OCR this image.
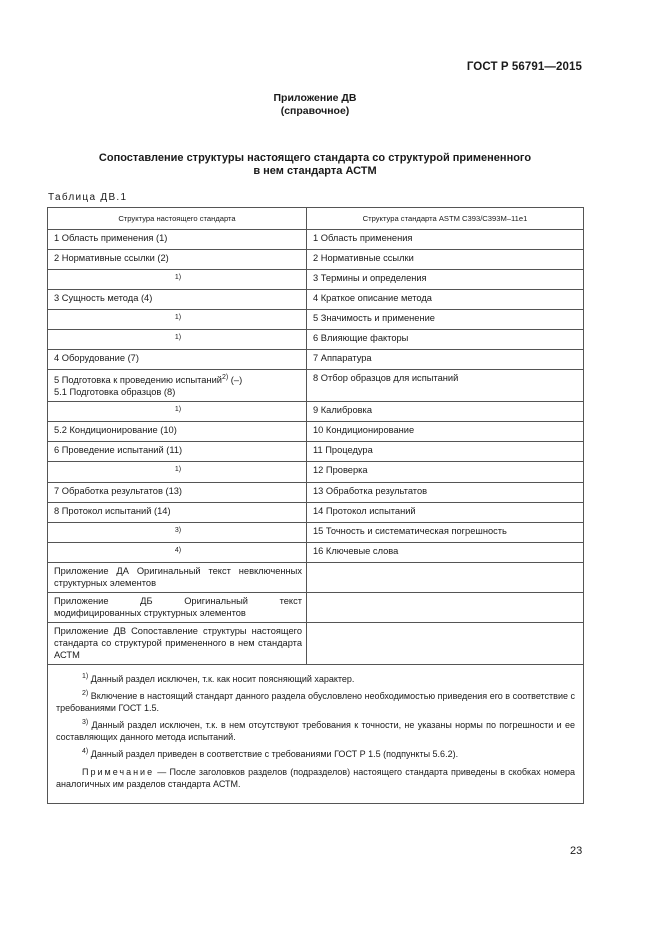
ГОСТ Р 56791—2015
Приложение ДВ
(справочное)
Сопоставление структуры настоящего стандарта со структурой примененного
в нем стандарта АСТМ
Таблица ДВ.1
Структура настоящего стандарта	Структура стандарта ASTM C393/C393M–11e1
1 Область применения (1)	1 Область применения
2 Нормативные ссылки (2)	2 Нормативные ссылки
$^{1)}$	3 Термины и определения
3 Сущность метода (4)	4 Краткое описание метода
$^{1)}$	5 Значимость и применение
$^{1)}$	6 Влияющие факторы
4 Оборудование (7)	7 Аппаратура
5 Подготовка к проведению испытаний$^{2)}$ (–)
5.1 Подготовка образцов (8)	8 Отбор образцов для испытаний
$^{1)}$	9 Калибровка
5.2 Кондиционирование (10)	10 Кондиционирование
6 Проведение испытаний (11)	11 Процедура
$^{1)}$	12 Проверка
7 Обработка результатов (13)	13 Обработка результатов
8 Протокол испытаний (14)	14 Протокол испытаний
$^{3)}$	15 Точность и систематическая погрешность
$^{4)}$	16 Ключевые слова
Приложение ДА Оригинальный текст невключенных структурных элементов	
Приложение ДБ Оригинальный текст модифицированных структурных элементов	
Приложение ДВ Сопоставление структуры настоящего стандарта со структурой примененного в нем стандарта АСТМ	

$^{1)}$ Данный раздел исключен, т.к. как носит поясняющий характер.

$^{2)}$ Включение в настоящий стандарт данного раздела обусловлено необходимостью приведения его в соответствие с требованиями ГОСТ 1.5.

$^{3)}$ Данный раздел исключен, т.к. в нем отсутствуют требования к точности, не указаны нормы по погрешности и ее составляющих данного метода испытаний.

$^{4)}$ Данный раздел приведен в соответствие с требованиями ГОСТ Р 1.5 (подпункты 5.6.2).

Примечание — После заголовков разделов (подразделов) настоящего стандарта приведены в скобках номера аналогичных им разделов стандарта АСТМ.	

23
